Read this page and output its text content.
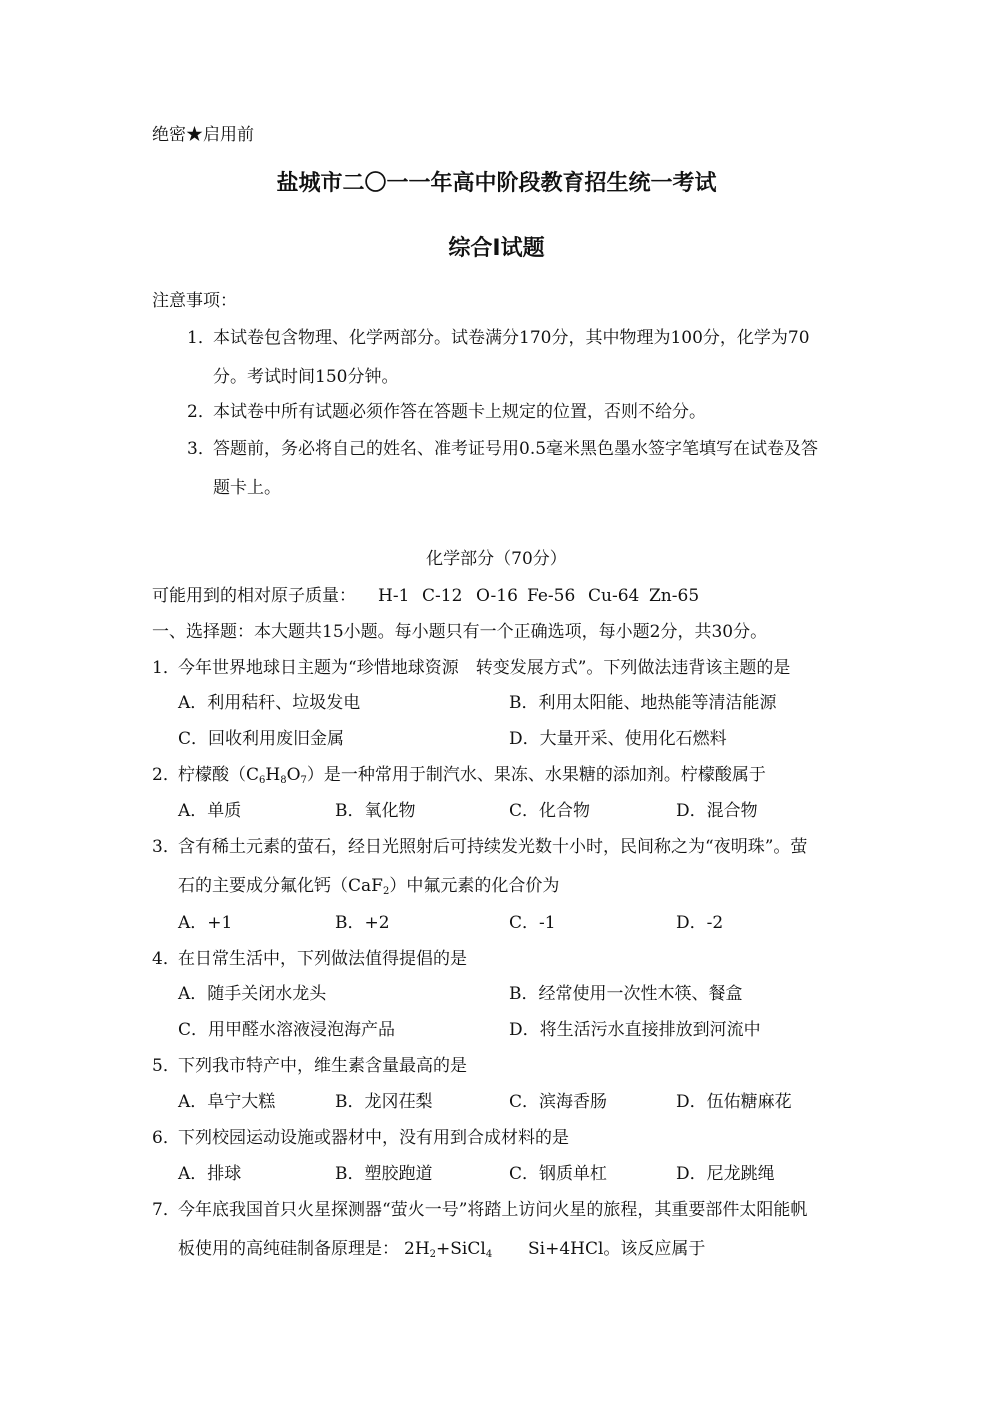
绝密★启用前
盐城市二〇一一年高中阶段教育招生统一考试
综合Ⅰ试题
注意事项：
1．
本试卷包含物理、化学两部分。试卷满分170分，其中物理为100分，化学为70
分。考试时间150分钟。
2．
本试卷中所有试题必须作答在答题卡上规定的位置，否则不给分。
3．
答题前，务必将自己的姓名、准考证号用0.5毫米黑色墨水签字笔填写在试卷及答
题卡上。
化学部分（70分）
可能用到的相对原子质量： H-1 C-12 O-16 Fe-56 Cu-64 Zn-65
一、选择题：本大题共15小题。每小题只有一个正确选项，每小题2分，共30分。
1．
今年世界地球日主题为“珍惜地球资源　转变发展方式”。下列做法违背该主题的是
A．利用秸秆、垃圾发电	B．利用太阳能、地热能等清洁能源
C．回收利用废旧金属	D．大量开采、使用化石燃料
2．
柠檬酸$(C_6H_8O_7)$是一种常用于制汽水、果冻、水果糖的添加剂。柠檬酸属于
A．单质	B．氧化物	C．化合物	D．混合物
3．
含有稀土元素的萤石，经日光照射后可持续发光数十小时，民间称之为“夜明珠”。萤
石的主要成分氟化钙（CaF$_2$）中氟元素的化合价为
A．+1	B．+2	C．-1	D．-2
4．
在日常生活中，下列做法值得提倡的是
A．随手关闭水龙头	B．经常使用一次性木筷、餐盒
C．用甲醛水溶液浸泡海产品	D．将生活污水直接排放到河流中
5．
下列我市特产中，维生素含量最高的是
A．阜宁大糕	B．龙冈茌梨	C．滨海香肠	D．伍佑糖麻花
6．
下列校园运动设施或器材中，没有用到合成材料的是
A．排球	B．塑胶跑道	C．钢质单杠	D．尼龙跳绳
7．
今年底我国首只火星探测器“萤火一号”将踏上访问火星的旅程，其重要部件太阳能帆
板使用的高纯硅制备原理是： $2H_2+SiCl_4$ Si+4HCl。该反应属于
